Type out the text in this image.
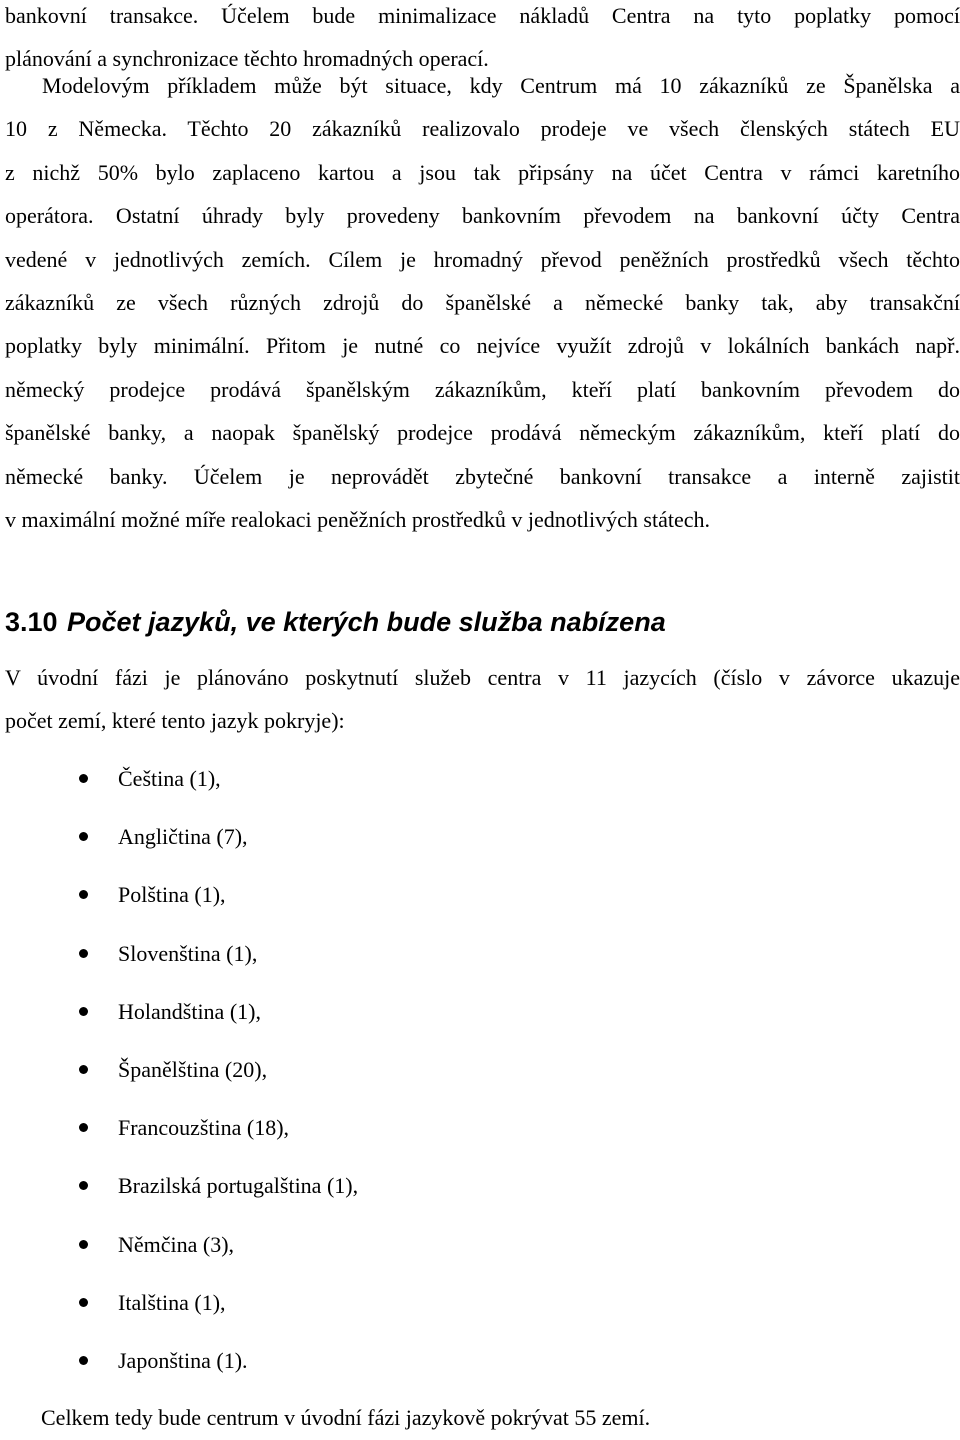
bankovní transakce. Účelem bude minimalizace nákladů Centra na tyto poplatky pomocí
plánování a synchronizace těchto hromadných operací.
Modelovým příkladem může být situace, kdy Centrum má 10 zákazníků ze Španělska a
10 z Německa. Těchto 20 zákazníků realizovalo prodeje ve všech členských státech EU
z nichž 50% bylo zaplaceno kartou a jsou tak připsány na účet Centra v rámci karetního
operátora. Ostatní úhrady byly provedeny bankovním převodem na bankovní účty Centra
vedené v jednotlivých zemích. Cílem je hromadný převod peněžních prostředků všech těchto
zákazníků ze všech různých zdrojů do španělské a německé banky tak, aby transakční
poplatky byly minimální. Přitom je nutné co nejvíce využít zdrojů v lokálních bankách např.
německý prodejce prodává španělským zákazníkům, kteří platí bankovním převodem do
španělské banky, a naopak španělský prodejce prodává německým zákazníkům, kteří platí do
německé banky. Účelem je neprovádět zbytečné bankovní transakce a interně zajistit
v maximální možné míře realokaci peněžních prostředků v jednotlivých státech.
3.10 Počet jazyků, ve kterých bude služba nabízena
V úvodní fázi je plánováno poskytnutí služeb centra v 11 jazycích (číslo v závorce ukazuje
počet zemí, které tento jazyk pokryje):
Čeština (1),
Angličtina (7),
Polština (1),
Slovenština (1),
Holandština (1),
Španělština (20),
Francouzština (18),
Brazilská portugalština (1),
Němčina (3),
Italština (1),
Japonština (1).

Celkem tedy bude centrum v úvodní fázi jazykově pokrývat 55 zemí.
